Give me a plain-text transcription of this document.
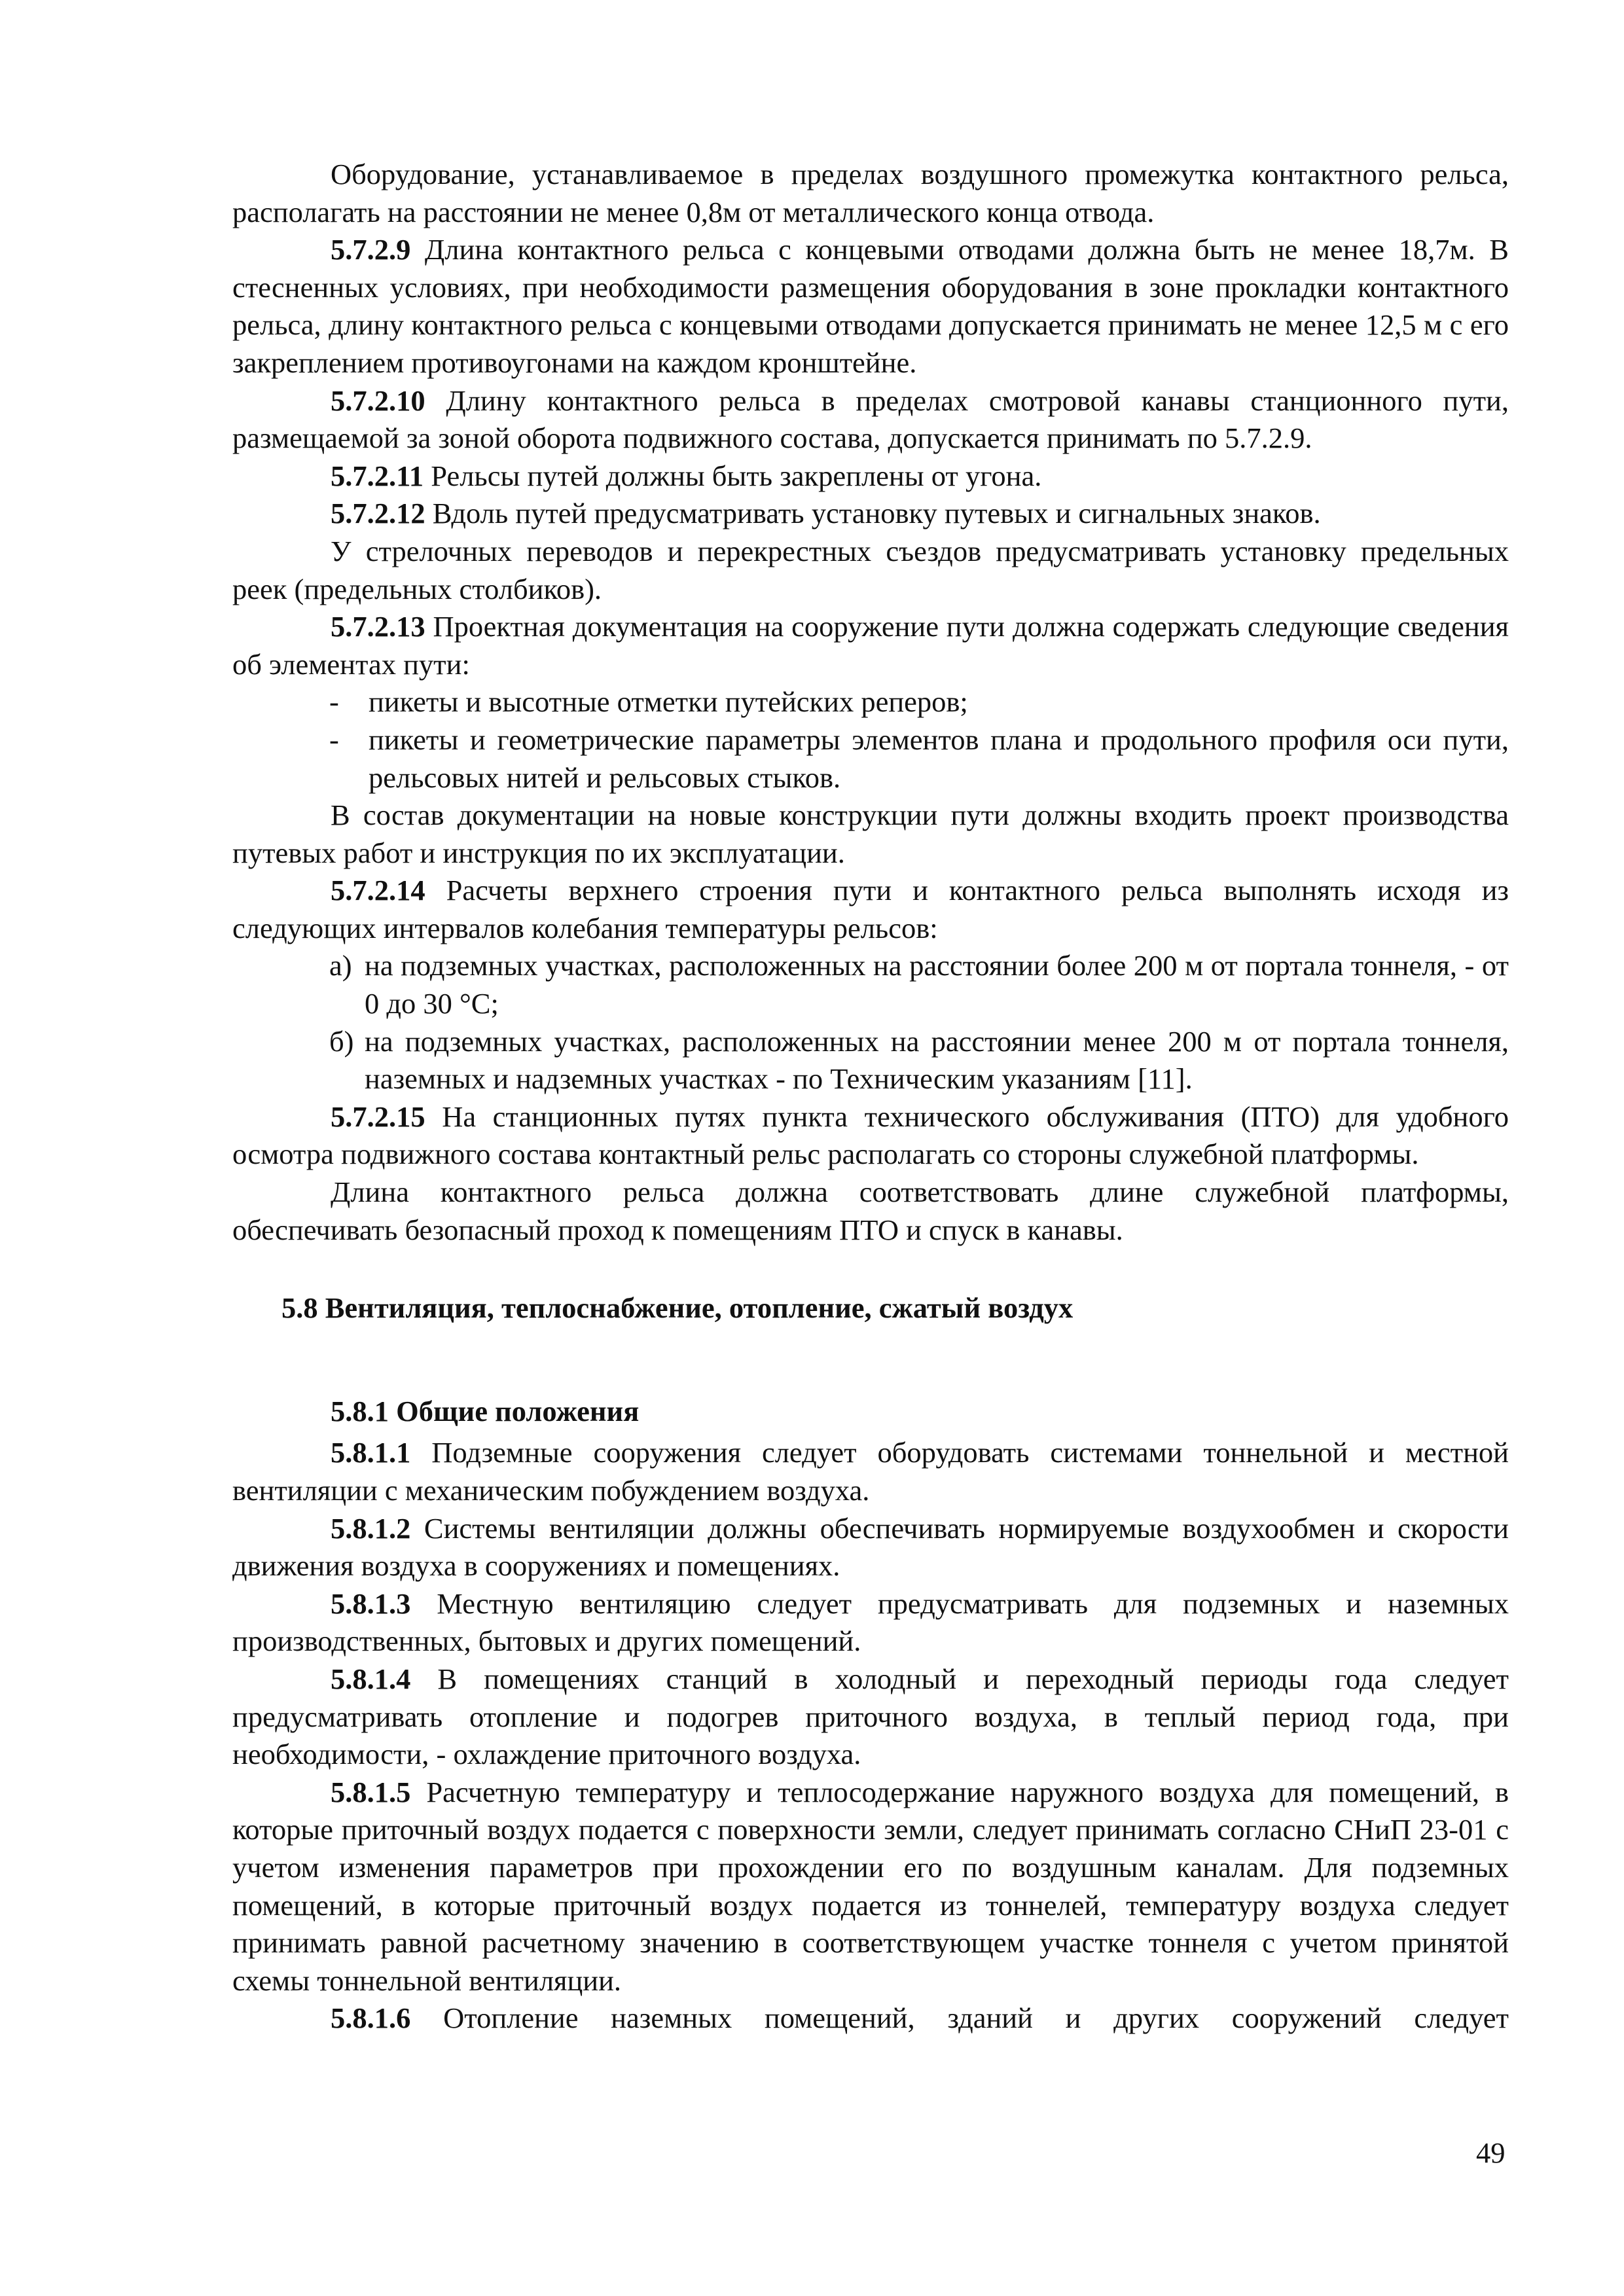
Оборудование, устанавливаемое в пределах воздушного промежутка контактного рельса, располагать на расстоянии не менее 0,8м от металлического конца отвода.

5.7.2.9 Длина контактного рельса с концевыми отводами должна быть не менее 18,7м. В стесненных условиях, при необходимости размещения оборудования в зоне прокладки контактного рельса, длину контактного рельса с концевыми отводами допускается принимать не менее 12,5 м с его закреплением противоугонами на каждом кронштейне.

5.7.2.10 Длину контактного рельса в пределах смотровой канавы станционного пути, размещаемой за зоной оборота подвижного состава, допускается принимать по 5.7.2.9.

5.7.2.11 Рельсы путей должны быть закреплены от угона.

5.7.2.12 Вдоль путей предусматривать установку путевых и сигнальных знаков.

У стрелочных переводов и перекрестных съездов предусматривать установку предельных реек (предельных столбиков).

5.7.2.13 Проектная документация на сооружение пути должна содержать следующие сведения об элементах пути:

-	пикеты и высотные отметки путейских реперов;
-	пикеты и геометрические параметры элементов плана и продольного профиля оси пути, рельсовых нитей и рельсовых стыков.

В состав документации на новые конструкции пути должны входить проект производства путевых работ и инструкция по их эксплуатации.

5.7.2.14 Расчеты верхнего строения пути и контактного рельса выполнять исходя из следующих интервалов колебания температуры рельсов:

а) на подземных участках, расположенных на расстоянии более 200 м от портала тоннеля, - от 0 до 30 °С;
б) на подземных участках, расположенных на расстоянии менее 200 м от портала тоннеля, наземных и надземных участках - по Техническим указаниям [11].

5.7.2.15 На станционных путях пункта технического обслуживания (ПТО) для удобного осмотра подвижного состава контактный рельс располагать со стороны служебной платформы.

Длина контактного рельса должна соответствовать длине служебной платформы, обеспечивать безопасный проход к помещениям ПТО и спуск в канавы.

5.8 Вентиляция, теплоснабжение, отопление, сжатый воздух
5.8.1 Общие положения

5.8.1.1 Подземные сооружения следует оборудовать системами тоннельной и местной вентиляции с механическим побуждением воздуха.

5.8.1.2 Системы вентиляции должны обеспечивать нормируемые воздухообмен и скорости движения воздуха в сооружениях и помещениях.

5.8.1.3 Местную вентиляцию следует предусматривать для подземных и наземных производственных, бытовых и других помещений.

5.8.1.4 В помещениях станций в холодный и переходный периоды года следует предусматривать отопление и подогрев приточного воздуха, в теплый период года, при необходимости, - охлаждение приточного воздуха.

5.8.1.5 Расчетную температуру и теплосодержание наружного воздуха для помещений, в которые приточный воздух подается с поверхности земли, следует принимать согласно СНиП 23-01 с учетом изменения параметров при прохождении его по воздушным каналам. Для подземных помещений, в которые приточный воздух подается из тоннелей, температуру воздуха следует принимать равной расчетному значению в соответствующем участке тоннеля с учетом принятой схемы тоннельной вентиляции.

5.8.1.6 Отопление наземных помещений, зданий и других сооружений следует

49
